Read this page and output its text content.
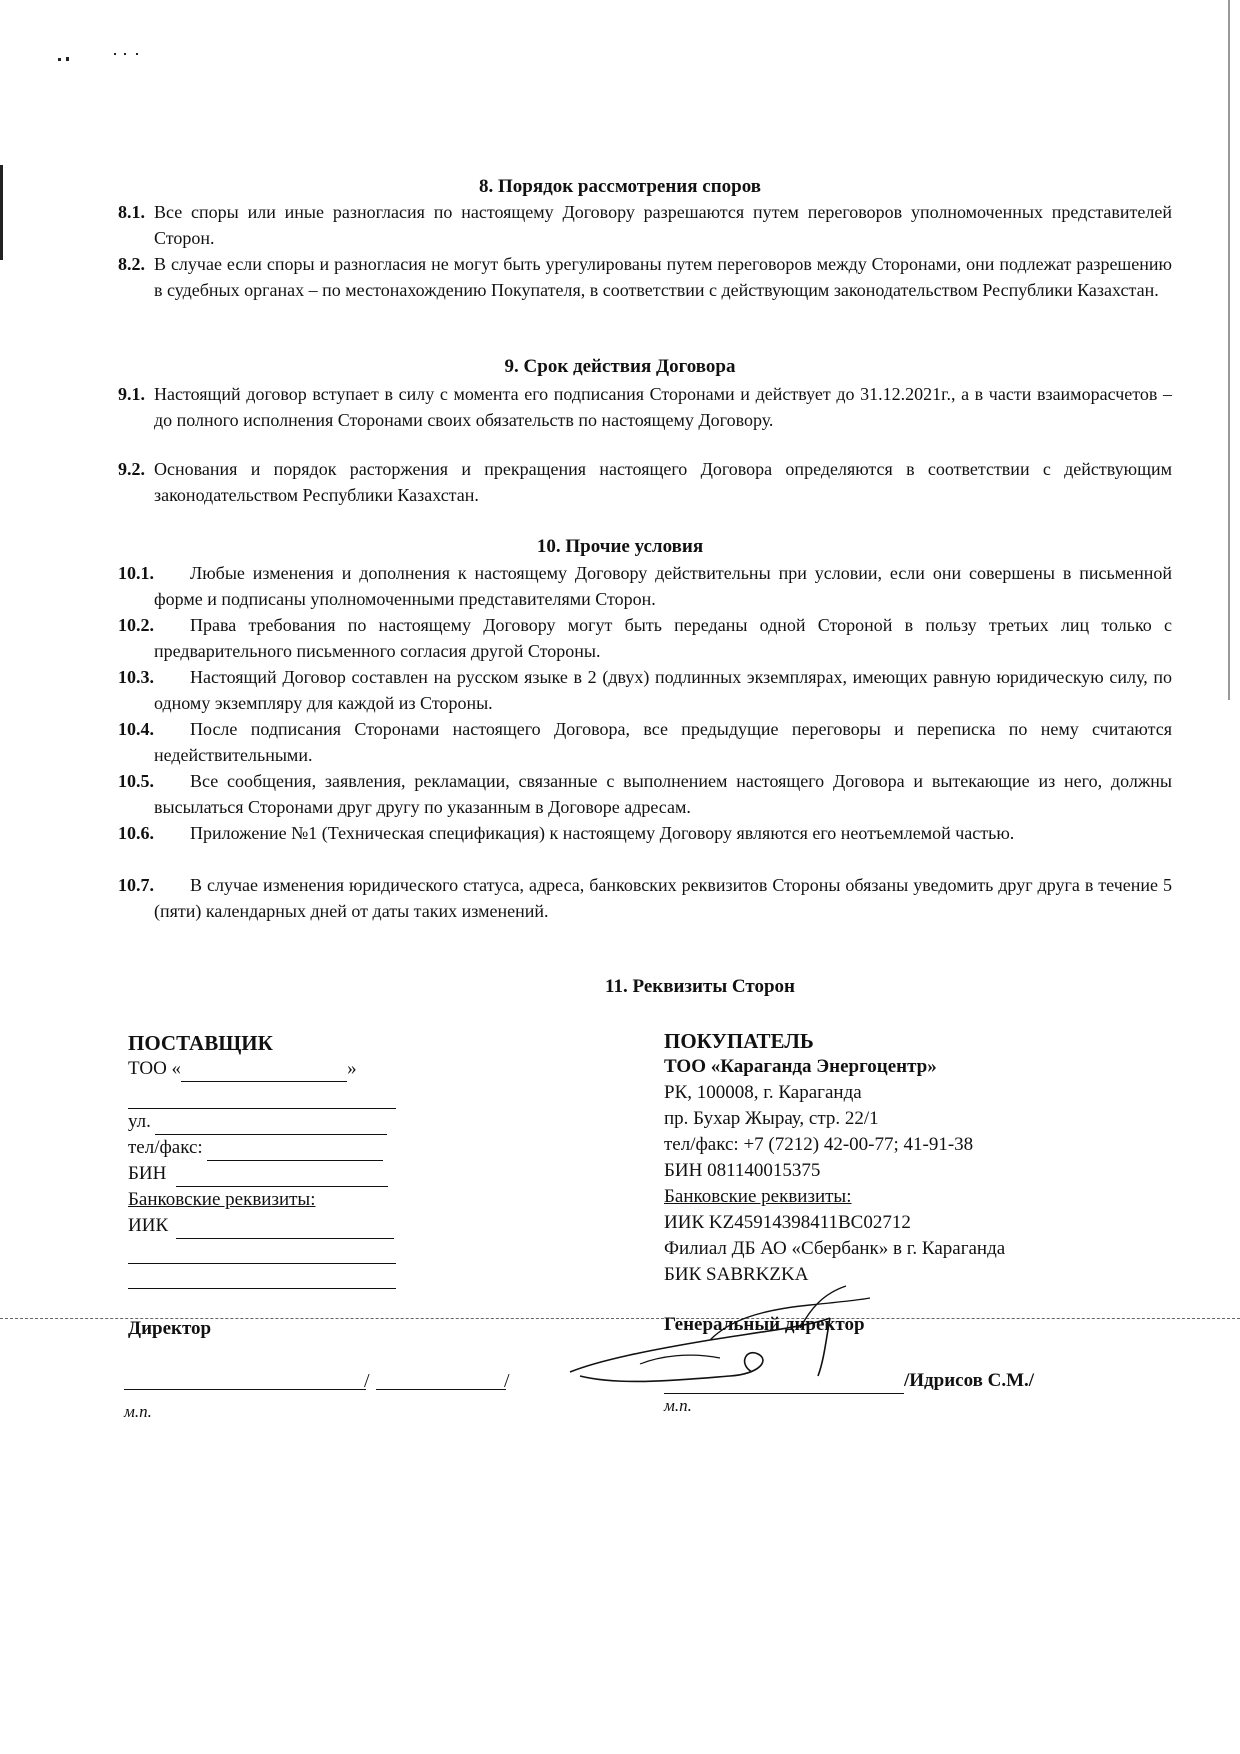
8. Порядок рассмотрения споров
8.1. Все споры или иные разногласия по настоящему Договору разрешаются путем переговоров уполномоченных представителей Сторон.
8.2. В случае если споры и разногласия не могут быть урегулированы путем переговоров между Сторонами, они подлежат разрешению в судебных органах – по местонахождению Покупателя, в соответствии с действующим законодательством Республики Казахстан.
9. Срок действия Договора
9.1. Настоящий договор вступает в силу с момента его подписания Сторонами и действует до 31.12.2021г., а в части взаиморасчетов – до полного исполнения Сторонами своих обязательств по настоящему Договору.
9.2. Основания и порядок расторжения и прекращения настоящего Договора определяются в соответствии с действующим законодательством Республики Казахстан.
10. Прочие условия
10.1.	Любые изменения и дополнения к настоящему Договору действительны при условии, если они совершены в письменной форме и подписаны уполномоченными представителями Сторон.
10.2.	Права требования по настоящему Договору могут быть переданы одной Стороной в пользу третьих лиц только с предварительного письменного согласия другой Стороны.
10.3.	Настоящий Договор составлен на русском языке в 2 (двух) подлинных экземплярах, имеющих равную юридическую силу, по одному экземпляру для каждой из Стороны.
10.4.	После подписания Сторонами настоящего Договора, все предыдущие переговоры и переписка по нему считаются недействительными.
10.5.	Все сообщения, заявления, рекламации, связанные с выполнением настоящего Договора и вытекающие из него, должны высылаться Сторонами друг другу по указанным в Договоре адресам.
10.6.	Приложение №1 (Техническая спецификация) к настоящему Договору являются его неотъемлемой частью.
10.7.	В случае изменения юридического статуса, адреса, банковских реквизитов Стороны обязаны уведомить друг друга в течение 5 (пяти) календарных дней от даты таких изменений.
11. Реквизиты Сторон
ПОСТАВЩИК
ТОО «	»
ул.
тел/факс:
БИН
Банковские реквизиты:
ИИК
ПОКУПАТЕЛЬ
ТОО «Караганда Энергоцентр»
РК, 100008, г. Караганда
пр. Бухар Жырау, стр. 22/1
тел/факс: +7 (7212) 42-00-77; 41-91-38
БИН 081140015375
Банковские реквизиты:
ИИК KZ45914398411BC02712
Филиал ДБ АО «Сбербанк» в г. Караганда
БИК SABRKZKA
Директор	Генеральный директор
/	/
м.п.
/Идрисов С.М./
м.п.
